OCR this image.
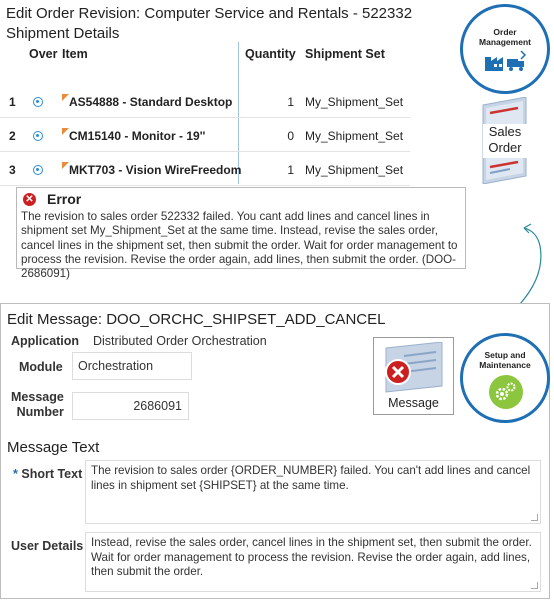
Edit Order Revision: Computer Service and Rentals - 522332
Shipment Details
Over Item	Quantity Shipment Set
1	AS54888 - Standard Desktop	1 My_Shipment_Set
2	CM15140 - Monitor - 19''	0 My_Shipment_Set
3	MKT703 - Vision WireFreedom	1 My_Shipment_Set
✕ Error
The revision to sales order 522332 failed. You cant add lines and cancel lines in shipment set My_Shipment_Set at the same time. Instead, revise the sales order, cancel lines in the shipment set, then submit the order. Wait for order management to process the revision. Revise the order again, add lines, then submit the order. (DOO-2686091)
Order
Management
Sales
Order
Edit Message: DOO_ORCHC_SHIPSET_ADD_CANCEL
Application Distributed Order Orchestration
Module	Orchestration
Message
Number	2686091
Message Text
* Short Text The revision to sales order {ORDER_NUMBER} failed. You can't add lines and cancel lines in shipment set {SHIPSET} at the same time.
User Details Instead, revise the sales order, cancel lines in the shipment set, then submit the order. Wait for order management to process the revision. Revise the order again, add lines, then submit the order.
Message
Setup and
Maintenance
